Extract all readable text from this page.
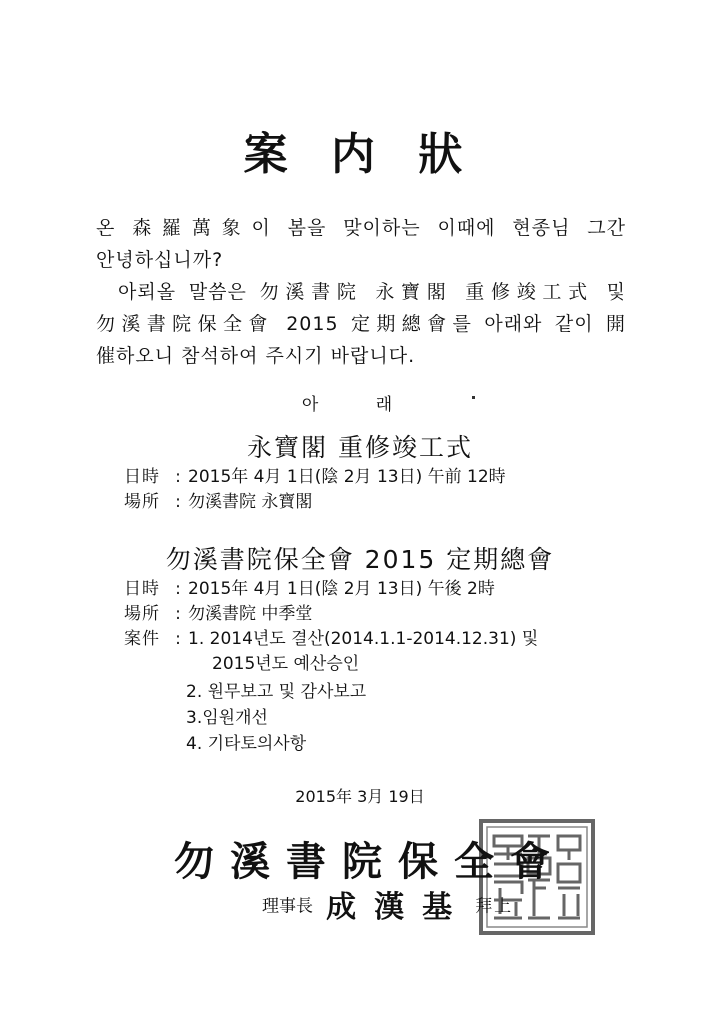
案 内 狀
온 森羅萬象이 봄을 맞이하는 이때에 현종님 그간
안녕하십니까?
아뢰올 말씀은 勿溪書院 永寶閣 重修竣工式 및
勿溪書院保全會 2015 定期總會를 아래와 같이 開
催하오니 참석하여 주시기 바랍니다.
아 래
永寶閣 重修竣工式
日時 : 2015年 4月 1日(陰 2月 13日) 午前 12時
場所 : 勿溪書院 永寶閣
勿溪書院保全會 2015 定期總會
日時 : 2015年 4月 1日(陰 2月 13日) 午後 2時
場所 : 勿溪書院 中季堂
案件 : 1. 2014년도 결산(2014.1.1-2014.12.31) 및
2015년도 예산승인
2. 원무보고 및 감사보고
3.임원개선
4. 기타토의사항
2015年 3月 19日
勿溪書院保全會
理事長 成漢基 拜上
